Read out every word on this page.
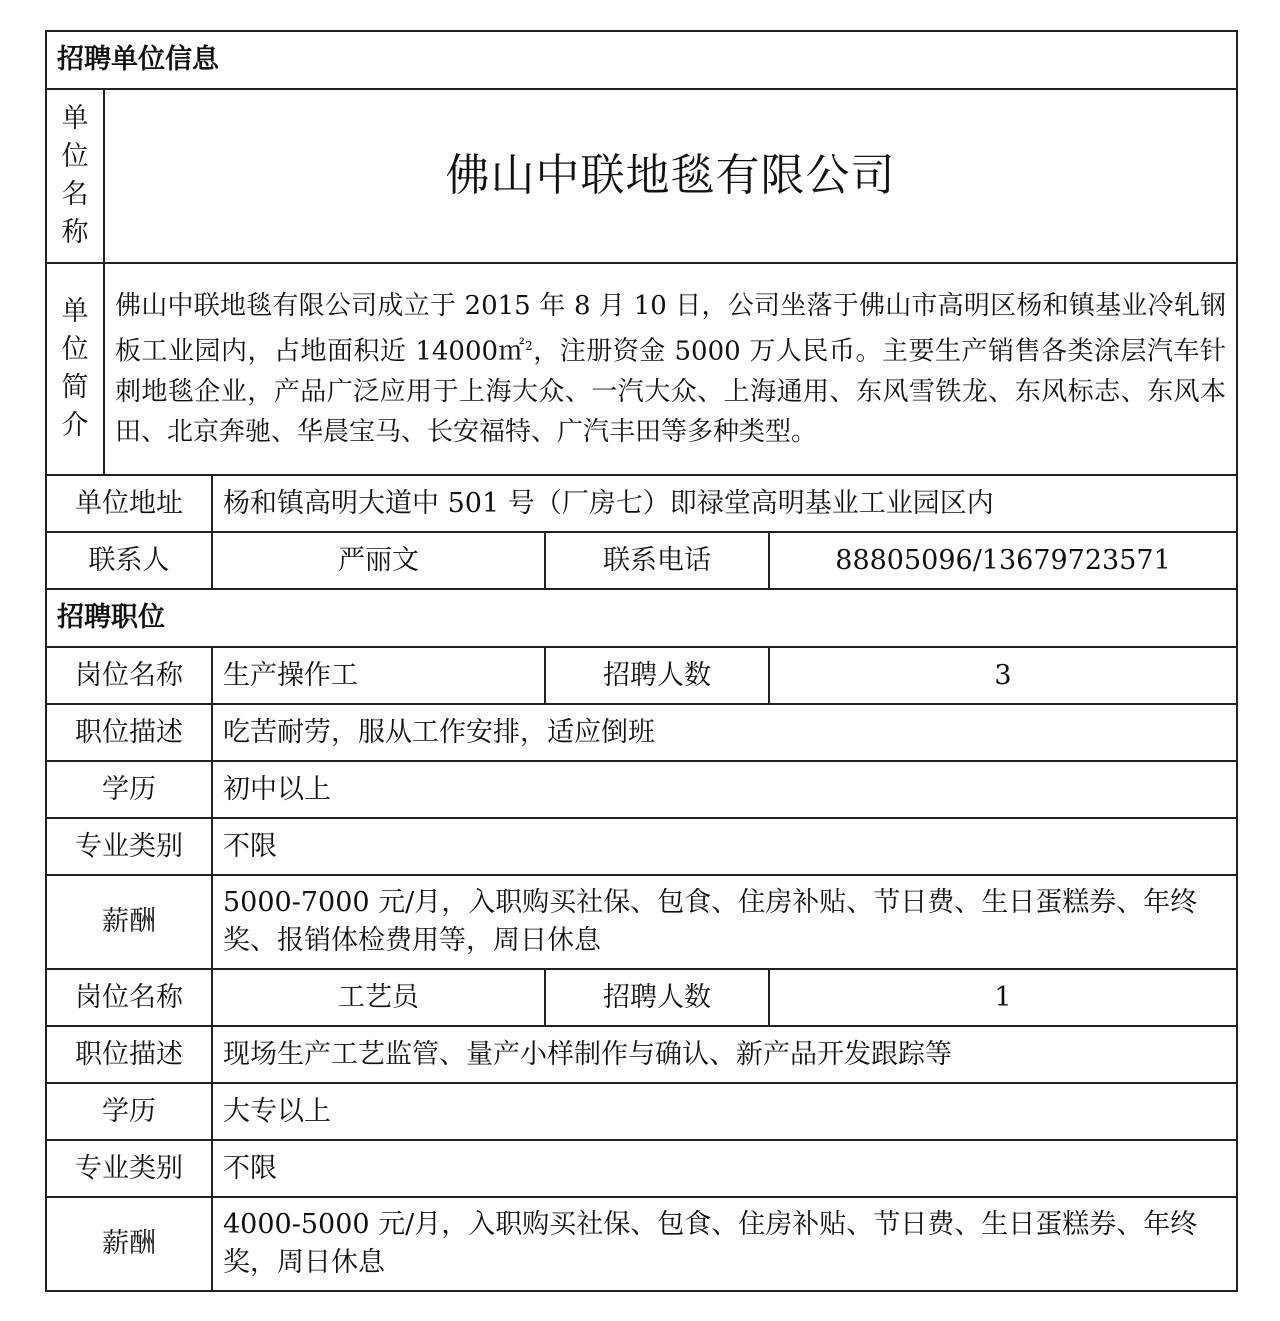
招聘单位信息				

单
位
名
称	佛山中联地毯有限公司			

单
位
简
介	佛山中联地毯有限公司成立于 2015 年 8 月 10 日，公司坐落于佛山市高明区杨和镇基业冷轧钢板工业园内，占地面积近 14000㎡$^2$，注册资金 5000 万人民币。主要生产销售各类涂层汽车针刺地毯企业，产品广泛应用于上海大众、一汽大众、上海通用、东风雪铁龙、东风标志、东风本田、北京奔驰、华晨宝马、长安福特、广汽丰田等多种类型。			
单位地址		杨和镇高明大道中 501 号（厂房七）即禄堂高明基业工业园区内		
联系人		严丽文	联系电话	88805096/13679723571
招聘职位				
岗位名称		生产操作工	招聘人数	3
职位描述		吃苦耐劳，服从工作安排，适应倒班		
学历		初中以上		
专业类别		不限		
薪酬		5000-7000 元/月，入职购买社保、包食、住房补贴、节日费、生日蛋糕券、年终奖、报销体检费用等，周日休息		
岗位名称		工艺员	招聘人数	1
职位描述		现场生产工艺监管、量产小样制作与确认、新产品开发跟踪等		
学历		大专以上		
专业类别		不限		
薪酬		4000-5000 元/月，入职购买社保、包食、住房补贴、节日费、生日蛋糕券、年终奖，周日休息		
